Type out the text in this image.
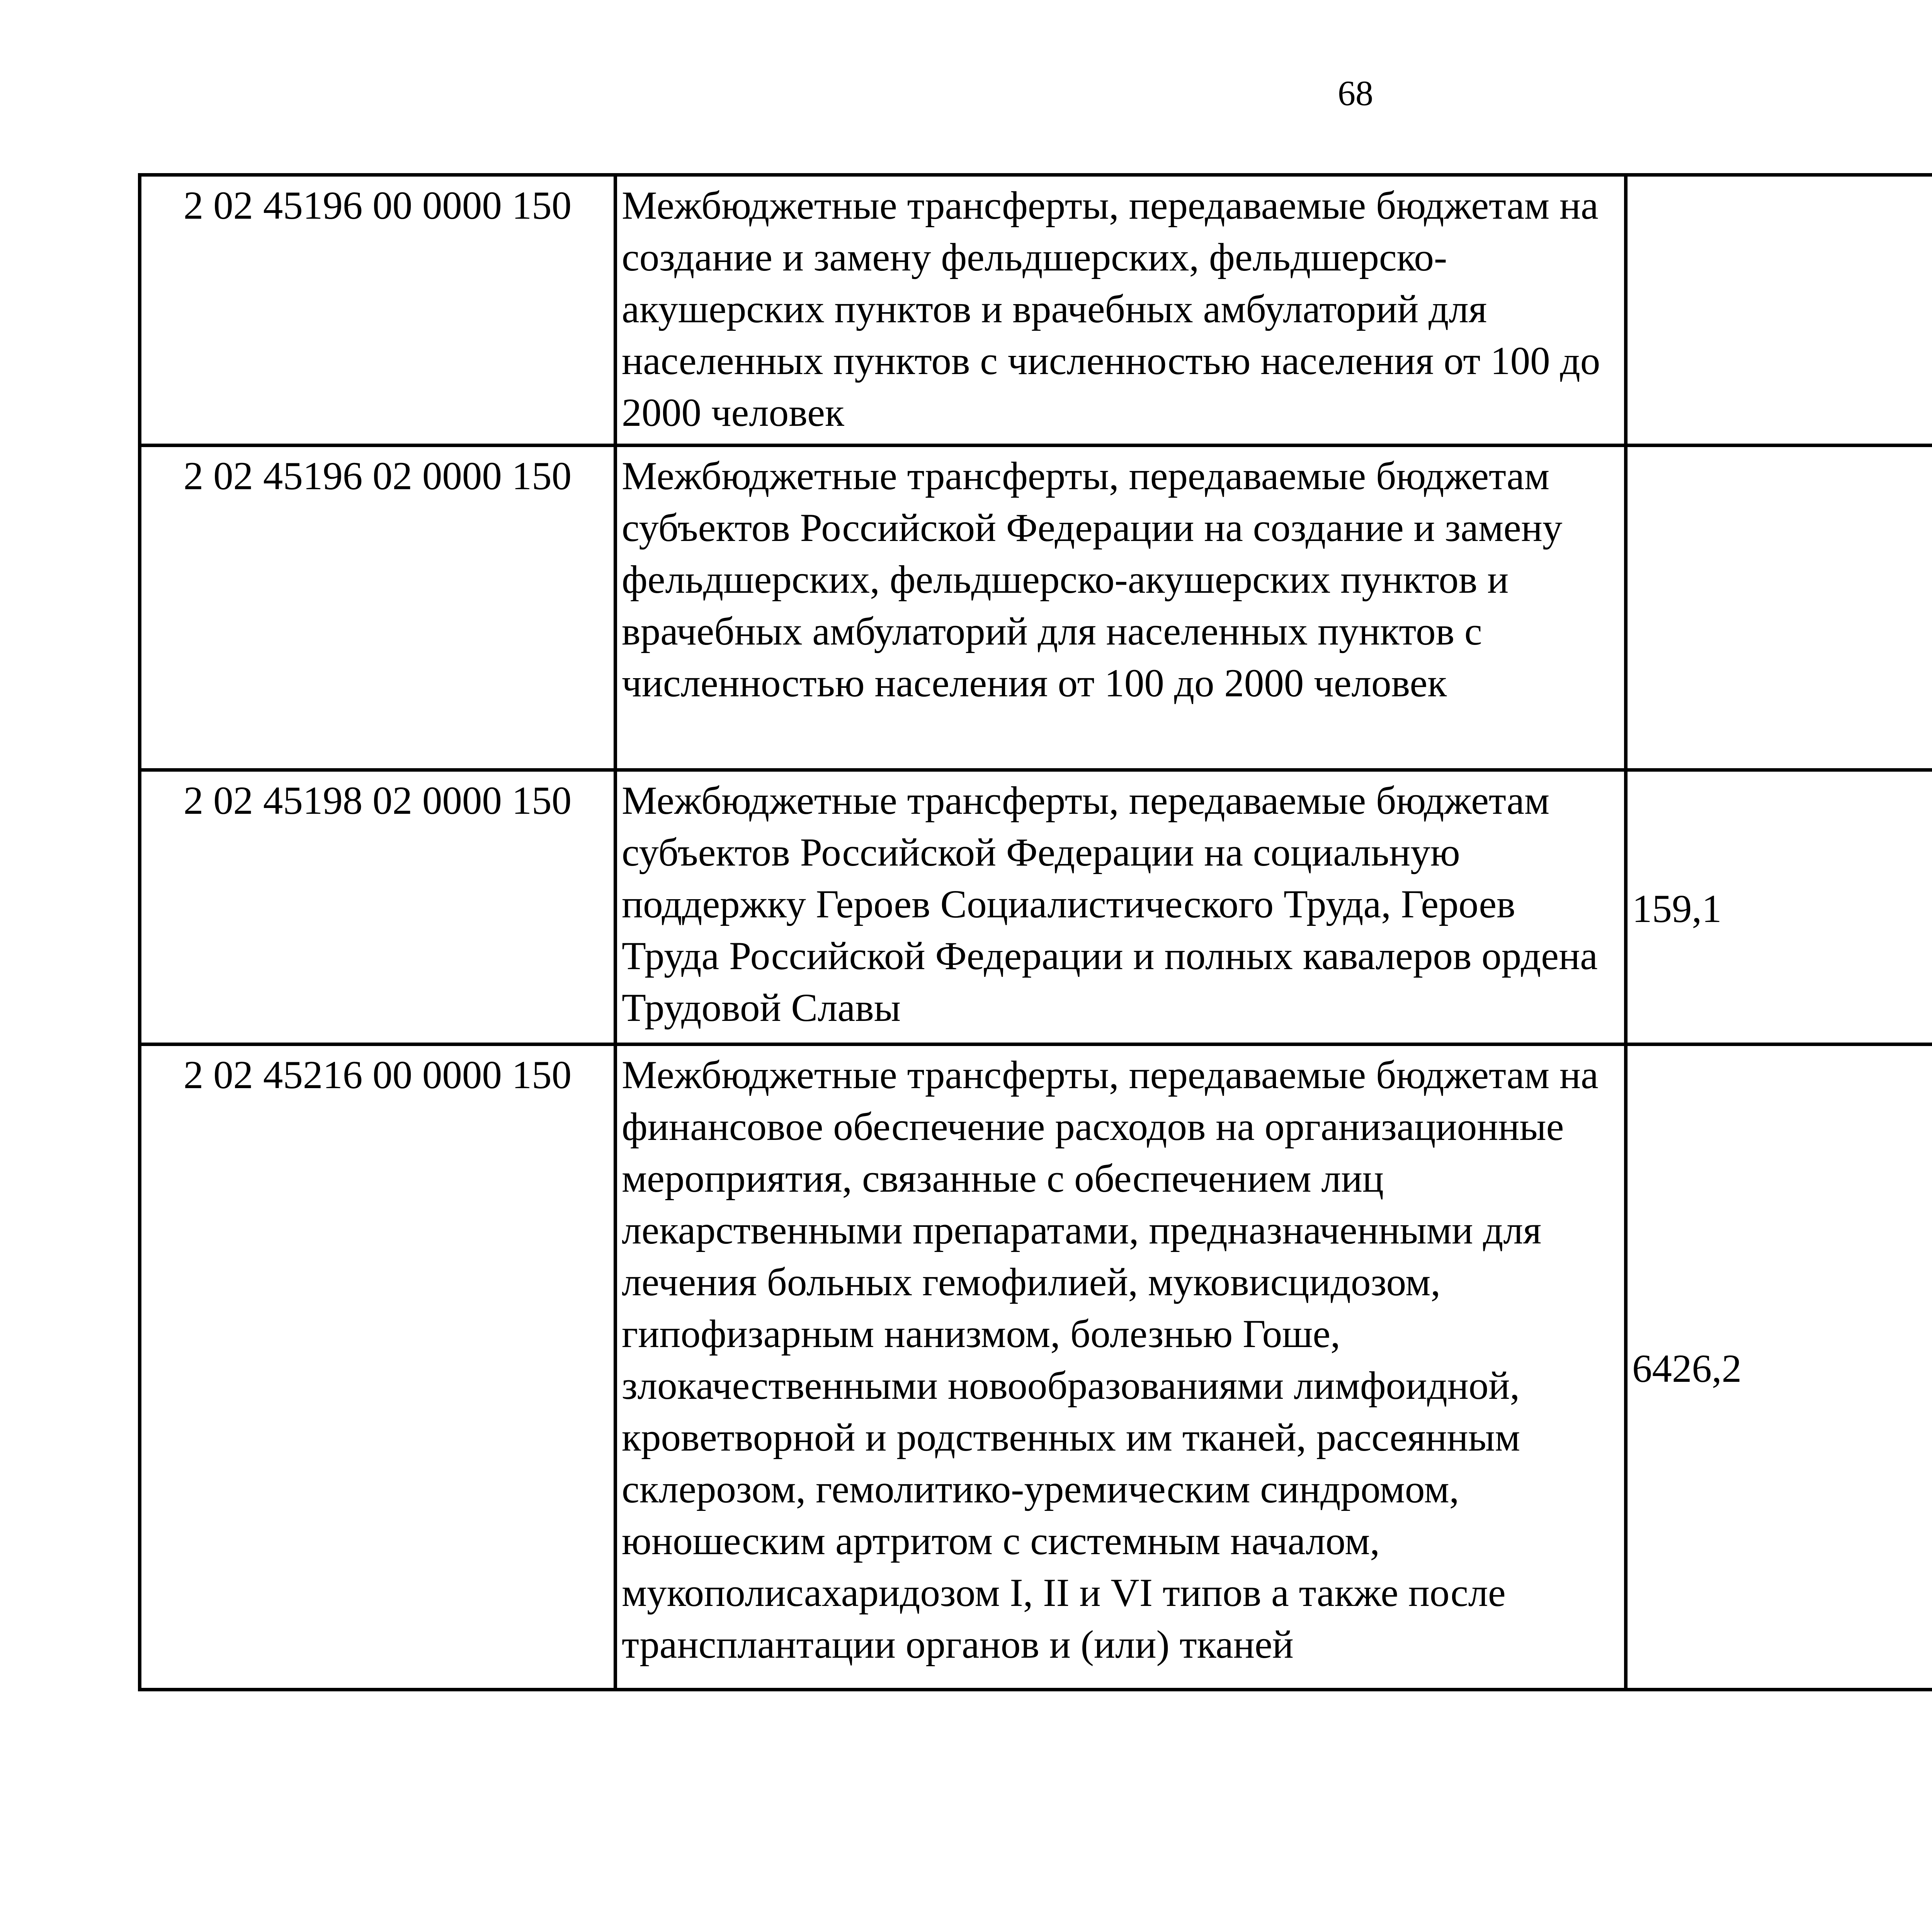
68
2 02 45196 00 0000 150	Межбюджетные трансферты, передаваемые бюджетам на создание и замену фельдшерских, фельдшерско-акушерских пунктов и врачебных амбулаторий для населенных пунктов с численностью населения от 100 до 2000 человек			
2 02 45196 02 0000 150	Межбюджетные трансферты, передаваемые бюджетам субъектов Российской Федерации на создание и замену фельдшерских, фельдшерско-акушерских пунктов и врачебных амбулаторий для населенных пунктов с численностью населения от 100 до 2000 человек			
2 02 45198 02 0000 150	Межбюджетные трансферты, передаваемые бюджетам субъектов Российской Федерации на социальную поддержку Героев Социалистического Труда, Героев Труда Российской Федерации и полных кавалеров ордена Трудовой Славы	159,1		
2 02 45216 00 0000 150	Межбюджетные трансферты, передаваемые бюджетам на финансовое обеспечение расходов на организационные мероприятия, связанные с обеспечением лиц лекарственными препаратами, предназначенными для лечения больных гемофилией, муковисцидозом, гипофизарным нанизмом, болезнью Гоше, злокачественными новообразованиями лимфоидной, кроветворной и родственных им тканей, рассеянным склерозом, гемолитико-уремическим синдромом, юношеским артритом с системным началом, мукополисахаридозом I, II и VI типов а также после трансплантации органов и (или) тканей	6426,2		
